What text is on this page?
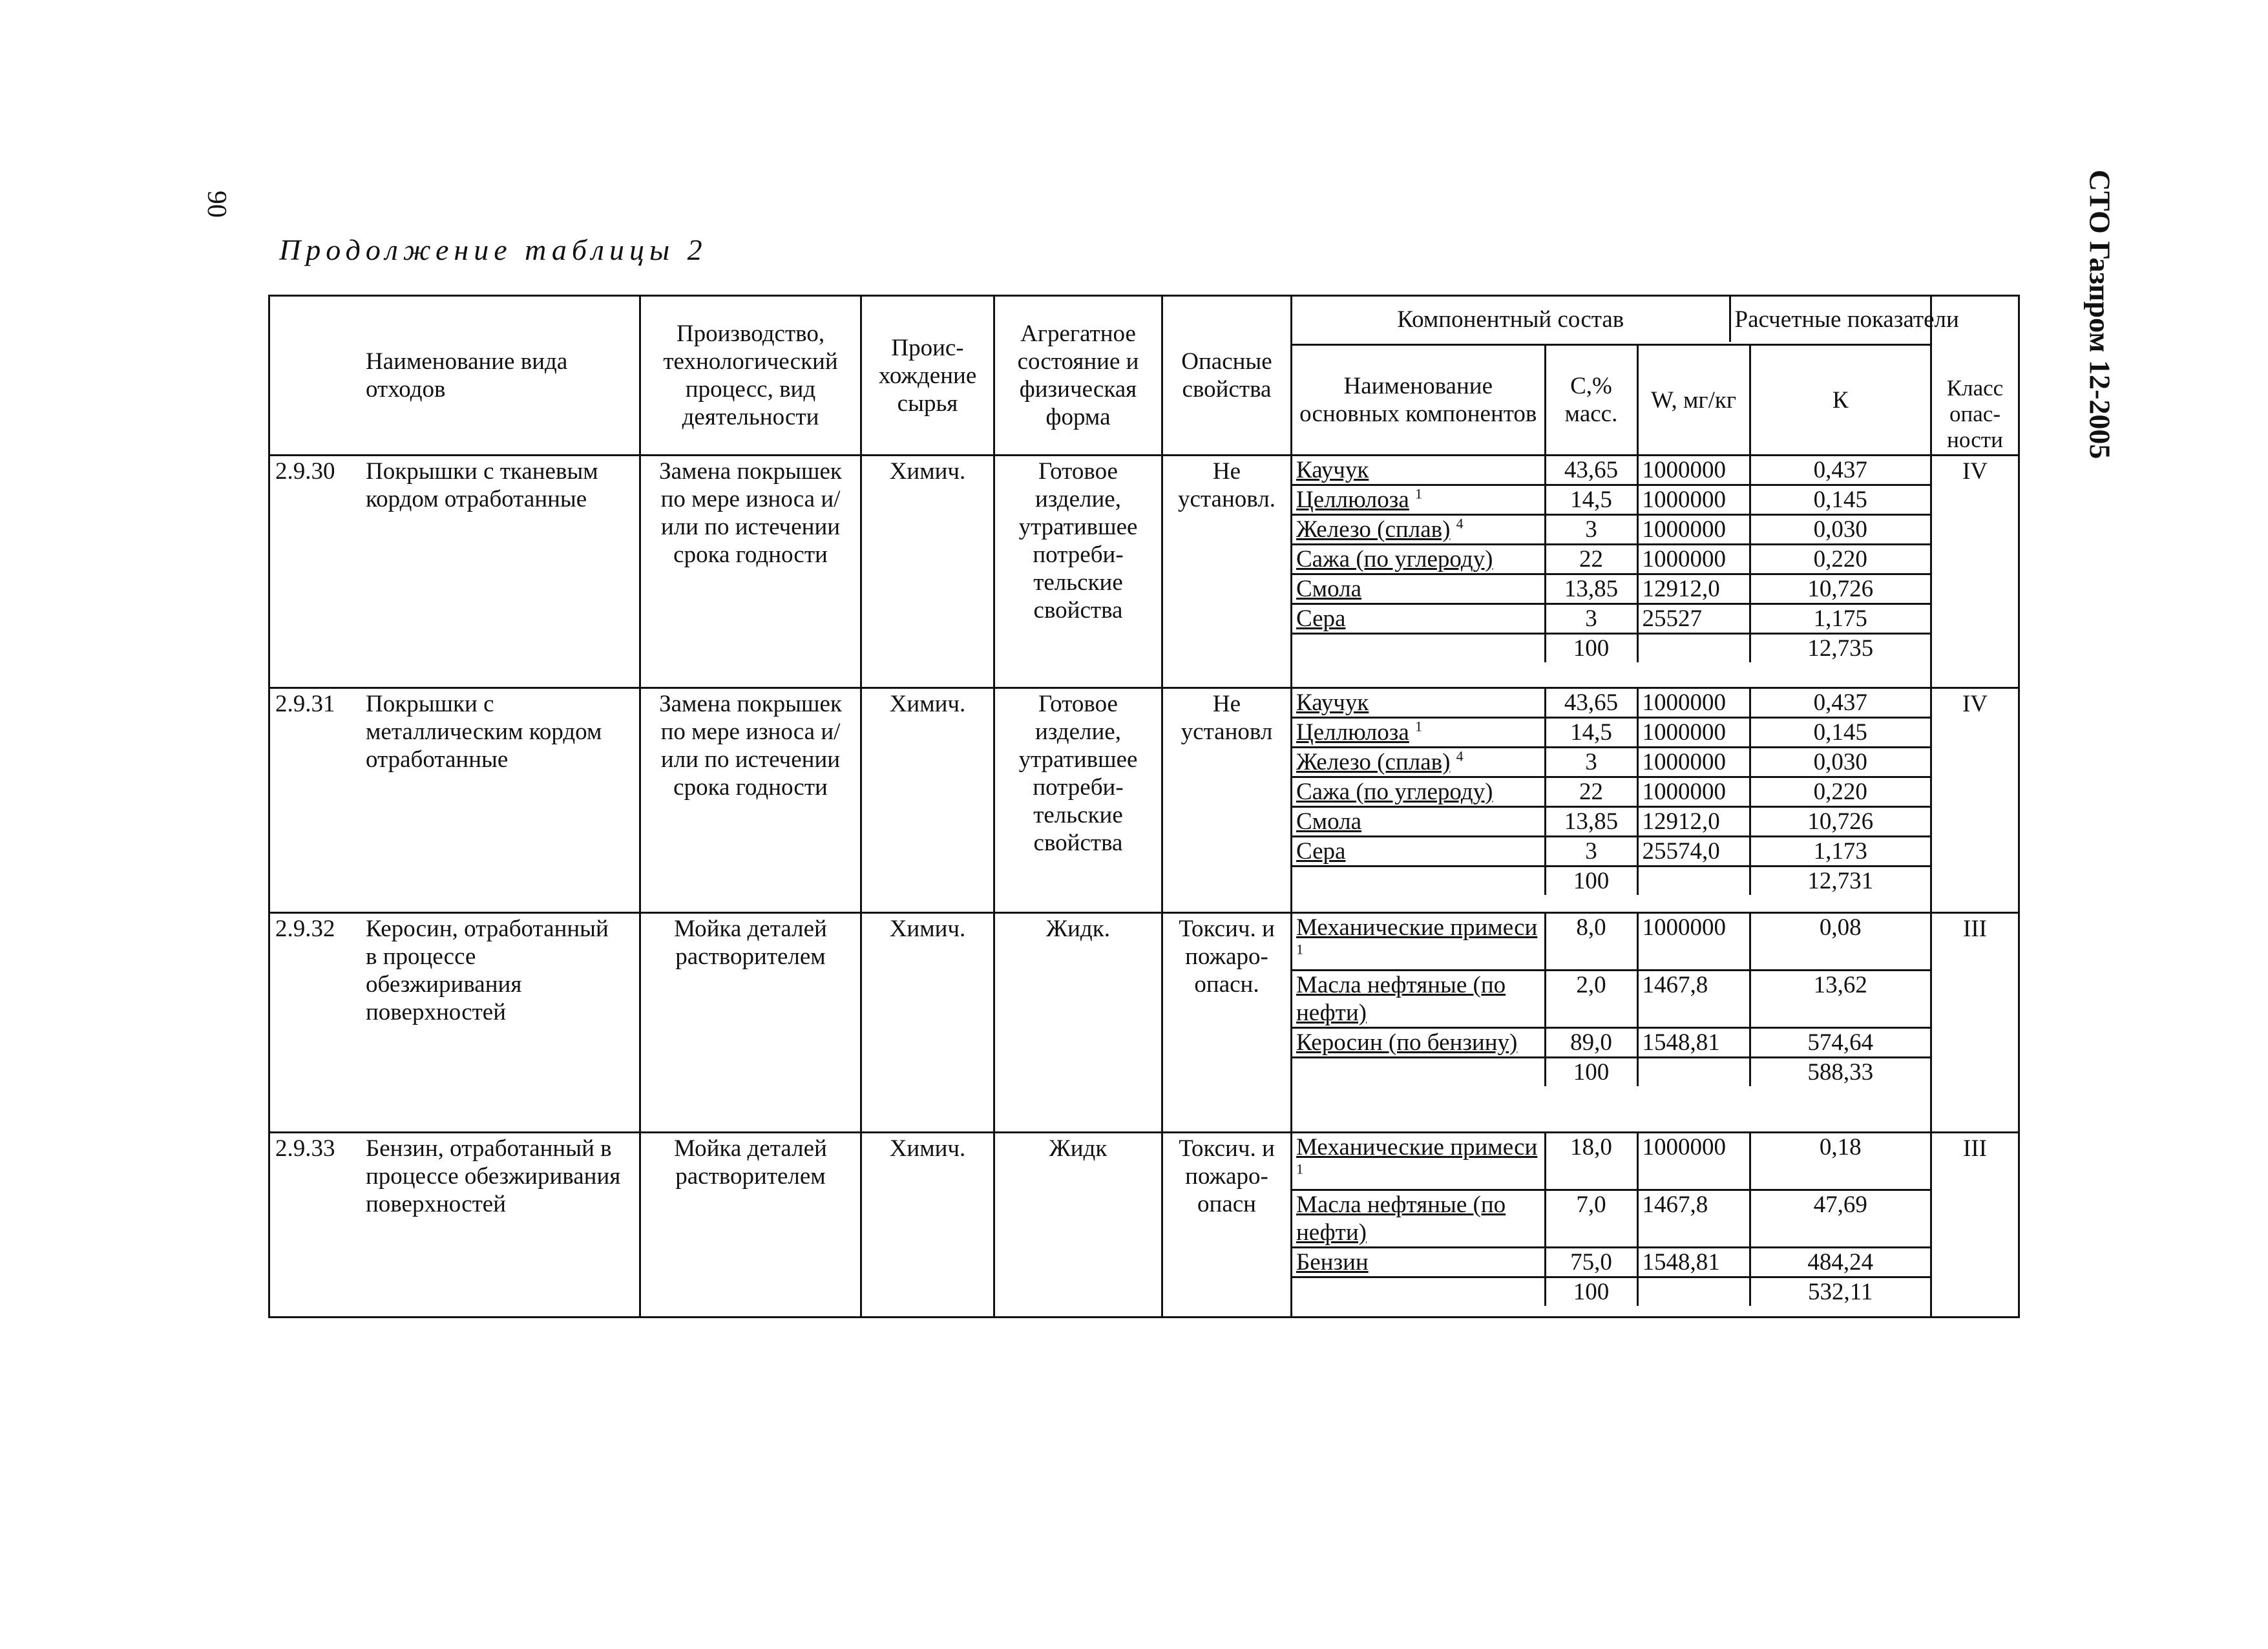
90	СТО Газпром 12-2005
Продолжение таблицы 2
Наименование вида отходов
	Производство, технологический процесс, вид деятельности	Проис-хождение сырья	Агрегатное состояние и физическая форма	Опасные свойства	
Компонентный состав	Расчетные показатели
	Класс опас-ности

Наименование основных компонентов	С,% масс.	W, мг/кг	К

2.9.30 Покрышки с тканевым кордом отработанные	Замена покрышек по мере износа и/или по истечении срока годности	Химич.	Готовое изделие, утратившее потреби-тельские свойства	Не установл.	
Каучук	43,65	1000000	0,437
Целлюлоза $^1$	14,5	1000000	0,145
Железо (сплав) $^4$	3	1000000	0,030
Сажа (по углероду)	22	1000000	0,220
Смола	13,85	12912,0	10,726
Сера	3	25527	1,175
	100		12,735
	IV
2.9.31 Покрышки с металлическим кордом отработанные	Замена покрышек по мере износа и/или по истечении срока годности	Химич.	Готовое изделие, утратившее потреби-тельские свойства	Не установл	
Каучук	43,65	1000000	0,437
Целлюлоза $^1$	14,5	1000000	0,145
Железо (сплав) $^4$	3	1000000	0,030
Сажа (по углероду)	22	1000000	0,220
Смола	13,85	12912,0	10,726
Сера	3	25574,0	1,173
	100		12,731
	IV
2.9.32 Керосин, отработанный в процессе обезжиривания поверхностей	Мойка деталей растворителем	Химич.	Жидк.	Токсич. и пожаро-опасн.	
Механические примеси $^1$	8,0	1000000	0,08
Масла нефтяные (по нефти)	2,0	1467,8	13,62
Керосин (по бензину)	89,0	1548,81	574,64
	100		588,33
	III
2.9.33 Бензин, отработанный в процессе обезжиривания поверхностей	Мойка деталей растворителем	Химич.	Жидк	Токсич. и пожаро-опасн	
Механические примеси $^1$	18,0	1000000	0,18
Масла нефтяные (по нефти)	7,0	1467,8	47,69
Бензин	75,0	1548,81	484,24
	100		532,11
	III
